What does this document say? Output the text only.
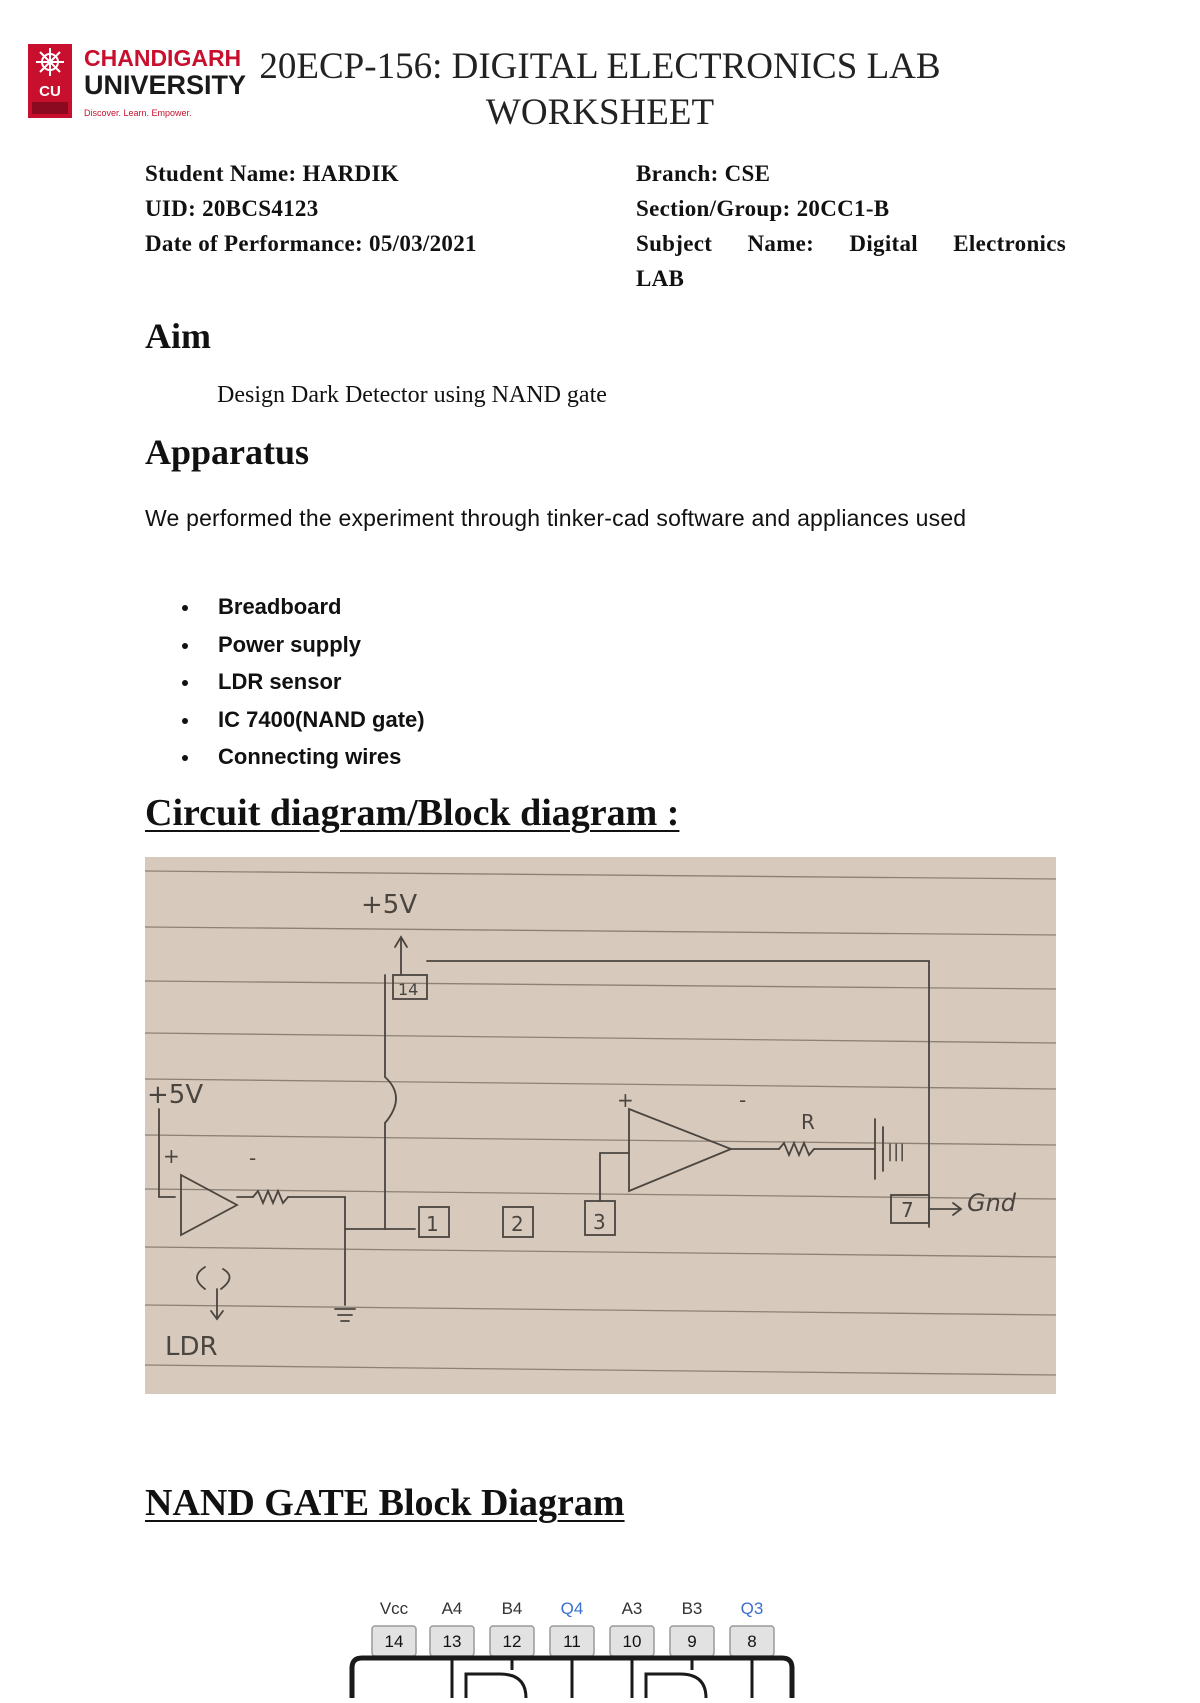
CU
CHANDIGARH
UNIVERSITY
Discover. Learn. Empower.
20ECP-156: DIGITAL ELECTRONICS LAB
WORKSHEET
Student Name: HARDIK
UID: 20BCS4123
Date of Performance: 05/03/2021
Branch: CSE
Section/Group: 20CC1-B
Subject Name: Digital Electronics
LAB
Aim
Design Dark Detector using NAND gate
Apparatus
We performed the experiment through tinker-cad software and appliances used
Breadboard
Power supply
LDR sensor
IC 7400(NAND gate)
Connecting wires
Circuit diagram/Block diagram :
+5V
14
+5V
+	-
LDR
1	2	3
+	-
R
|||
7 Gnd
NAND GATE Block Diagram
Vcc A4 B4 Q4 A3 B3 Q3
14 13 12 11 10	9	8
